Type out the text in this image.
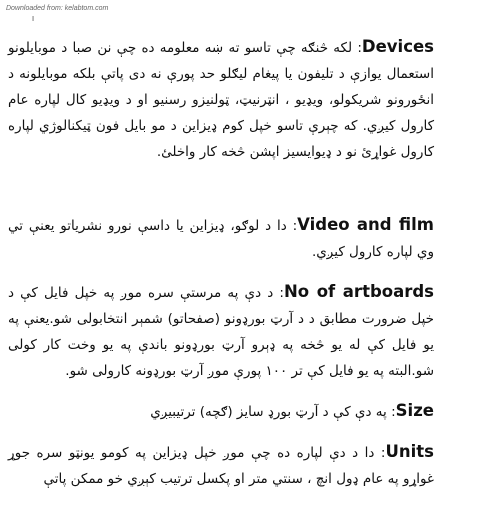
Downloaded from: kelabtom.com
I

Devices: لکه څنګه چې تاسو ته ښه معلومه ده چې نن صبا د موبایلونو استعمال یوازې د تلیفون یا پیغام لیګلو حد پورې نه دی پاتې بلکه موبایلونه د انځورونو شریکولو، ویډیو ، انټرنیټ، ټولنیزو رسنیو او د ویډیو کال لپاره عام کارول کیږي. که چېرې تاسو خپل کوم ډیزاین د مو بایل فون ټیکنالوژي لپاره کارول غواړئ نو د ډیوایسیز اپشن څخه کار واخلئ.

Video and film: دا د لوګو، ډیزاین یا داسې نورو نشریاتو یعنې تي وي لپاره کارول کیږي.

No of artboards: د دې په مرستې سره موږ په خپل فایل کې د خپل ضرورت مطابق د د آرټ بورډونو (صفحاتو) شمېر انتخابولی شو.یعنې په یو فایل کې له یو څخه په ډېرو آرټ بورډونو باندې په یو وخت کار کولی شو.البته په یو فایل کې تر ۱۰۰ پورې موږ آرټ بورډونه کارولی شو.

Size: په دې کې د آرټ بورډ سایز (ګچه) ترتیبیږي

Units: دا د دې لپاره ده چې موږ خپل ډیزاین په کومو یونټو سره جوړ غواړو په عام ډول انچ ، سنتي متر او پکسل ترتیب کېږي خو ممکن پاتې
